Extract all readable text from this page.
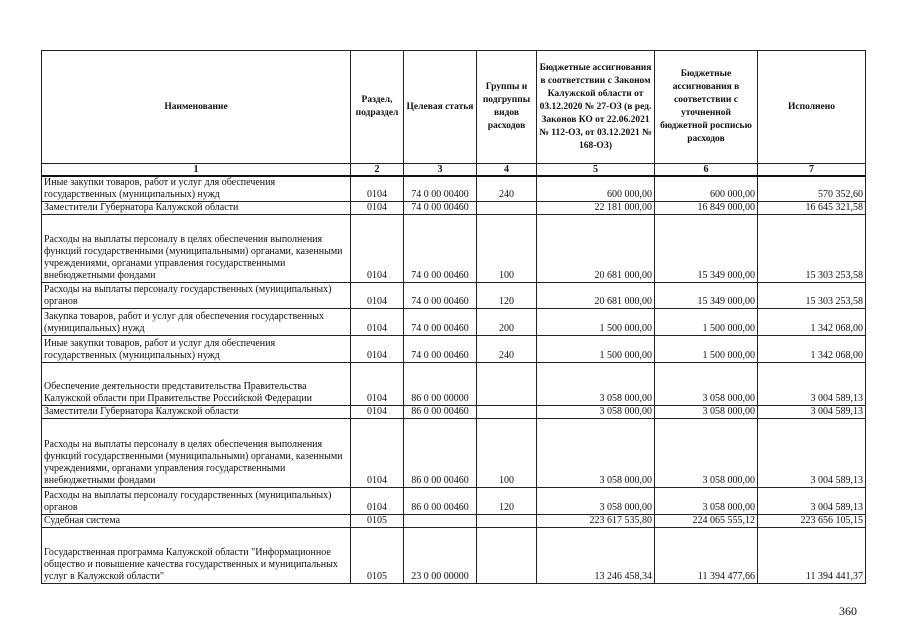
Наименование	Раздел, подраздел	Целевая статья	Группы и подгруппы видов расходов	Бюджетные ассигнования в соответствии с Законом Калужской области от 03.12.2020 № 27-ОЗ (в ред. Законов КО от 22.06.2021 № 112-ОЗ, от 03.12.2021 № 168-ОЗ)	Бюджетные ассигнования в соответствии с уточненной бюджетной росписью расходов	Исполнено
1	2	3	4	5	6	7
Иные закупки товаров, работ и услуг для обеспечения государственных (муниципальных) нужд	0104	74 0 00 00400	240	600 000,00	600 000,00	570 352,60
Заместители Губернатора Калужской области	0104	74 0 00 00460		22 181 000,00	16 849 000,00	16 645 321,58
Расходы на выплаты персоналу в целях обеспечения выполнения функций государственными (муниципальными) органами, казенными учреждениями, органами управления государственными внебюджетными фондами	0104	74 0 00 00460	100	20 681 000,00	15 349 000,00	15 303 253,58
Расходы на выплаты персоналу государственных (муниципальных) органов	0104	74 0 00 00460	120	20 681 000,00	15 349 000,00	15 303 253,58
Закупка товаров, работ и услуг для обеспечения государственных (муниципальных) нужд	0104	74 0 00 00460	200	1 500 000,00	1 500 000,00	1 342 068,00
Иные закупки товаров, работ и услуг для обеспечения государственных (муниципальных) нужд	0104	74 0 00 00460	240	1 500 000,00	1 500 000,00	1 342 068,00
Обеспечение деятельности представительства Правительства Калужской области при Правительстве Российской Федерации	0104	86 0 00 00000		3 058 000,00	3 058 000,00	3 004 589,13
Заместители Губернатора Калужской области	0104	86 0 00 00460		3 058 000,00	3 058 000,00	3 004 589,13
Расходы на выплаты персоналу в целях обеспечения выполнения функций государственными (муниципальными) органами, казенными учреждениями, органами управления государственными внебюджетными фондами	0104	86 0 00 00460	100	3 058 000,00	3 058 000,00	3 004 589,13
Расходы на выплаты персоналу государственных (муниципальных) органов	0104	86 0 00 00460	120	3 058 000,00	3 058 000,00	3 004 589,13
Судебная система	0105			223 617 535,80	224 065 555,12	223 656 105,15
Государственная программа Калужской области "Информационное общество и повышение качества государственных и муниципальных услуг в Калужской области"	0105	23 0 00 00000		13 246 458,34	11 394 477,66	11 394 441,37
360
